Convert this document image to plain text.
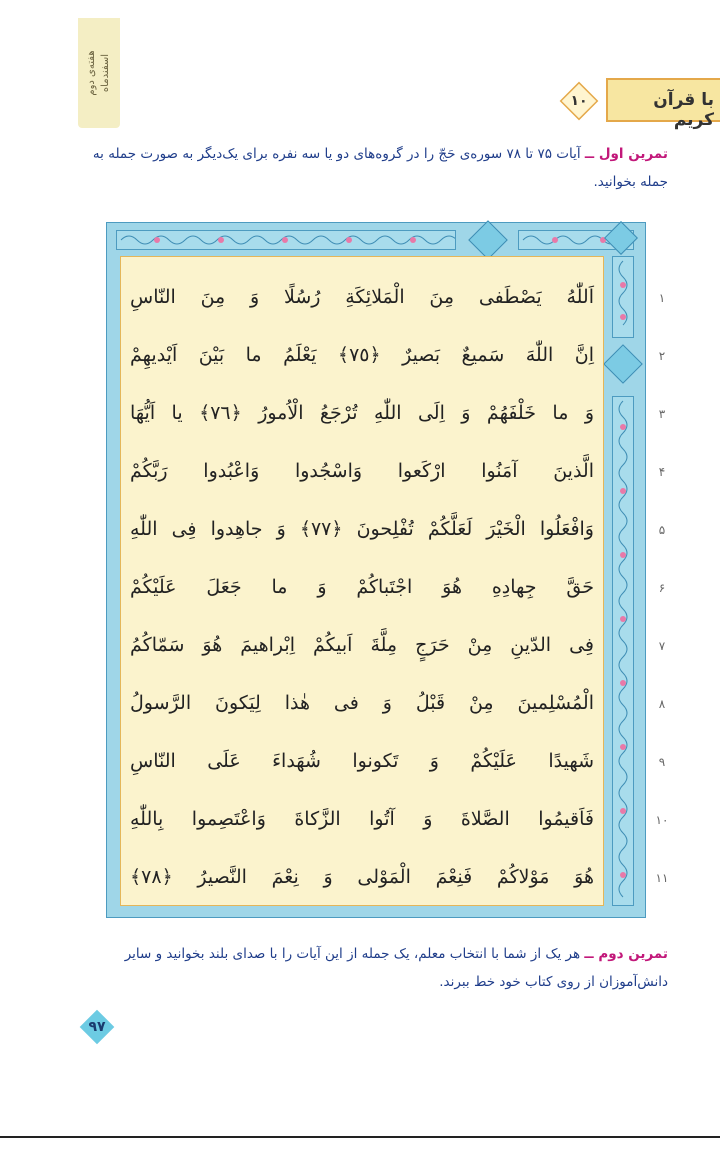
هفته‌ی دوم اسفندماه
با قرآن کریم
۱۰
تمرین اول ــ آیات ۷۵ تا ۷۸ سوره‌ی حَجّ را در گروه‌های دو یا سه نفره برای یک‌دیگر به صورت جمله به جمله بخوانید.
اَللّٰهُ یَصْطَفی مِنَ الْمَلائِکَةِ رُسُلًا وَ مِنَ النّاسِ
اِنَّ اللّٰهَ سَمیعٌ بَصیرٌ ﴿٧٥﴾ یَعْلَمُ ما بَیْنَ اَیْدیهِمْ
وَ ما خَلْفَهُمْ وَ اِلَى اللّٰهِ تُرْجَعُ الْاُمورُ ﴿٧٦﴾ یا اَیُّهَا
الَّذینَ آمَنُوا ارْکَعوا وَاسْجُدوا وَاعْبُدوا رَبَّکُمْ
وَافْعَلُوا الْخَیْرَ لَعَلَّکُمْ تُفْلِحونَ ﴿٧٧﴾ وَ جاهِدوا فِی اللّٰهِ
حَقَّ جِهادِهِ هُوَ اجْتَباکُمْ وَ ما جَعَلَ عَلَیْکُمْ
فِی الدّینِ مِنْ حَرَجٍ مِلَّةَ اَبیکُمْ اِبْراهیمَ هُوَ سَمّاکُمُ
الْمُسْلِمینَ مِنْ قَبْلُ وَ فی هٰذا لِیَکونَ الرَّسولُ
شَهیدًا عَلَیْکُمْ وَ تَکونوا شُهَداءَ عَلَى النّاسِ
فَاَقیمُوا الصَّلاةَ وَ آتُوا الزَّکاةَ وَاعْتَصِموا بِاللّٰهِ
هُوَ مَوْلاکُمْ فَنِعْمَ الْمَوْلى وَ نِعْمَ النَّصیرُ ﴿٧٨﴾
۱
۲
۳
۴
۵
۶
۷
۸
۹
۱۰
۱۱
تمرین دوم ــ هر یک از شما با انتخاب معلم، یک جمله از این آیات را با صدای بلند بخوانید و سایر دانش‌آموزان از روی کتاب خود خط ببرند.
۹۷
